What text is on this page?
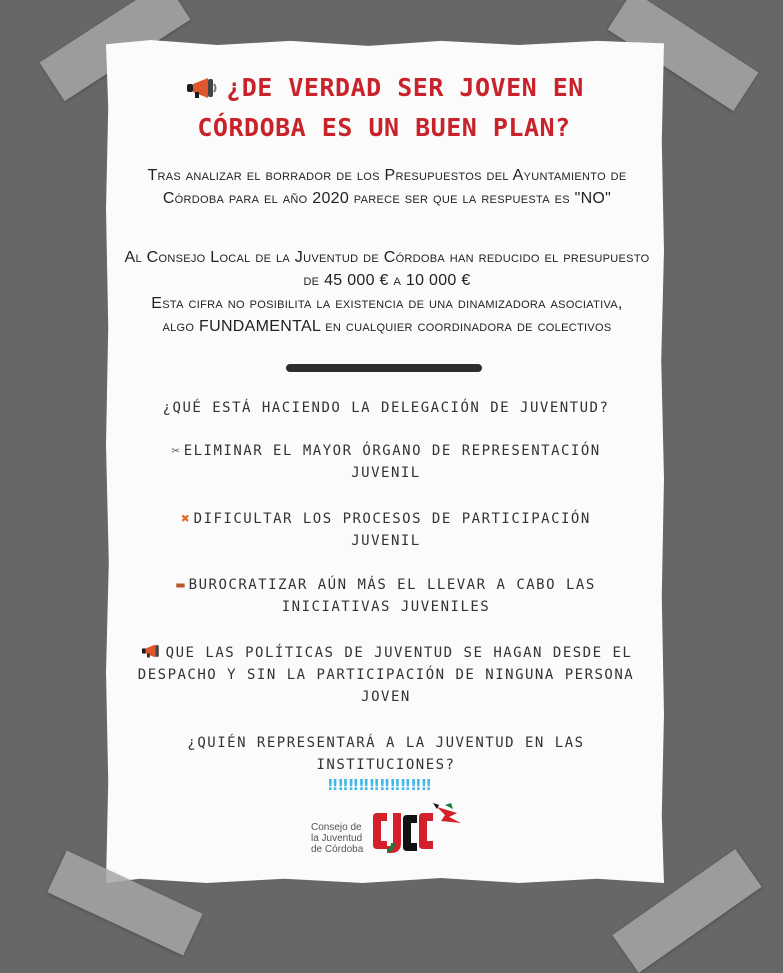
¿DE VERDAD SER JOVEN EN
CÓRDOBA ES UN BUEN PLAN?
Tras analizar el borrador de los Presupuestos del Ayuntamiento de
Córdoba para el año 2020 parece ser que la respuesta es "NO"
Al Consejo Local de la Juventud de Córdoba han reducido el presupuesto
de 45 000 € a 10 000 €
Esta cifra no posibilita la existencia de una dinamizadora asociativa,
algo FUNDAMENTAL en cualquier coordinadora de colectivos
¿QUÉ ESTÁ HACIENDO LA DELEGACIÓN DE JUVENTUD?
✂ ELIMINAR EL MAYOR ÓRGANO DE REPRESENTACIÓN
JUVENIL
✖ DIFICULTAR LOS PROCESOS DE PARTICIPACIÓN
JUVENIL
▬ BUROCRATIZAR AÚN MÁS EL LLEVAR A CABO LAS
INICIATIVAS JUVENILES
QUE LAS POLÍTICAS DE JUVENTUD SE HAGAN DESDE EL
DESPACHO Y SIN LA PARTICIPACIÓN DE NINGUNA PERSONA
JOVEN
¿QUIÉN REPRESENTARÁ A LA JUVENTUD EN LAS
INSTITUCIONES?
‼‼‼‼‼‼‼‼‼‼
Consejo de
la Juventud
de Córdoba
